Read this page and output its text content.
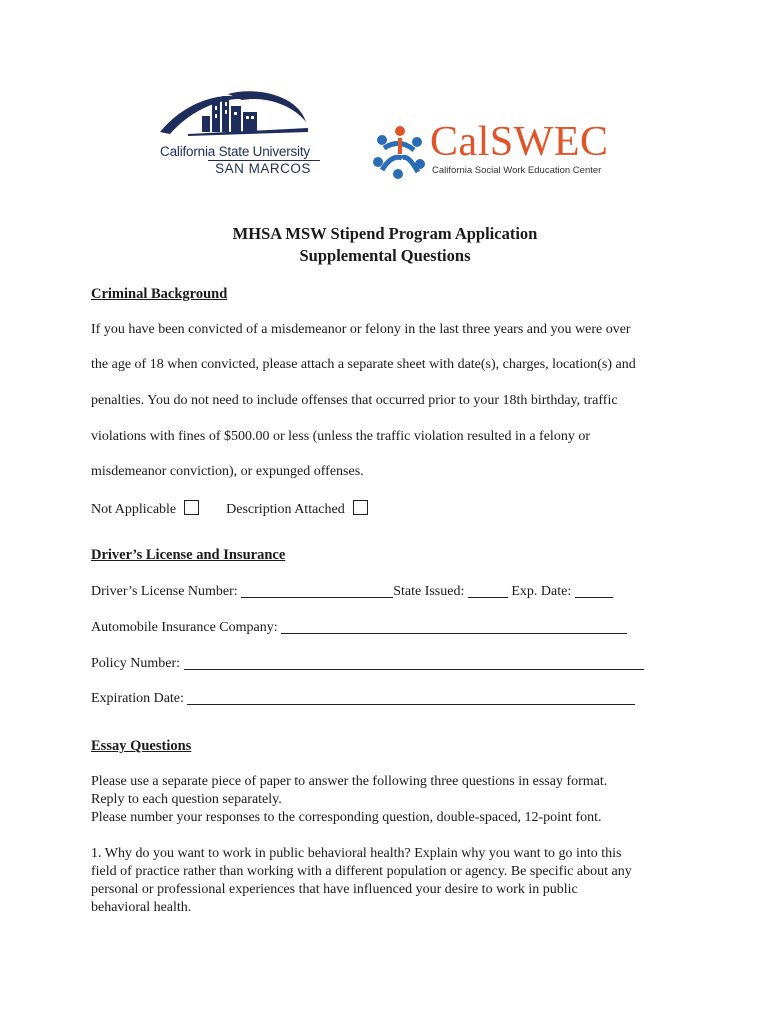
California State University
SAN MARCOS
CalSWEC
California Social Work Education Center
MHSA MSW Stipend Program Application
Supplemental Questions
Criminal Background
If you have been convicted of a misdemeanor or felony in the last three years and you were over
the age of 18 when convicted, please attach a separate sheet with date(s), charges, location(s) and
penalties. You do not need to include offenses that occurred prior to your 18th birthday, traffic
violations with fines of $500.00 or less (unless the traffic violation resulted in a felony or
misdemeanor conviction), or expunged offenses.
Not Applicable	Description Attached
Driver’s License and Insurance
Driver’s License Number:	State Issued:	Exp. Date:
Automobile Insurance Company:
Policy Number:
Expiration Date:
Essay Questions
Please use a separate piece of paper to answer the following three questions in essay format.
Reply to each question separately.
Please number your responses to the corresponding question, double-spaced, 12-point font.
1. Why do you want to work in public behavioral health? Explain why you want to go into this
field of practice rather than working with a different population or agency. Be specific about any
personal or professional experiences that have influenced your desire to work in public
behavioral health.
